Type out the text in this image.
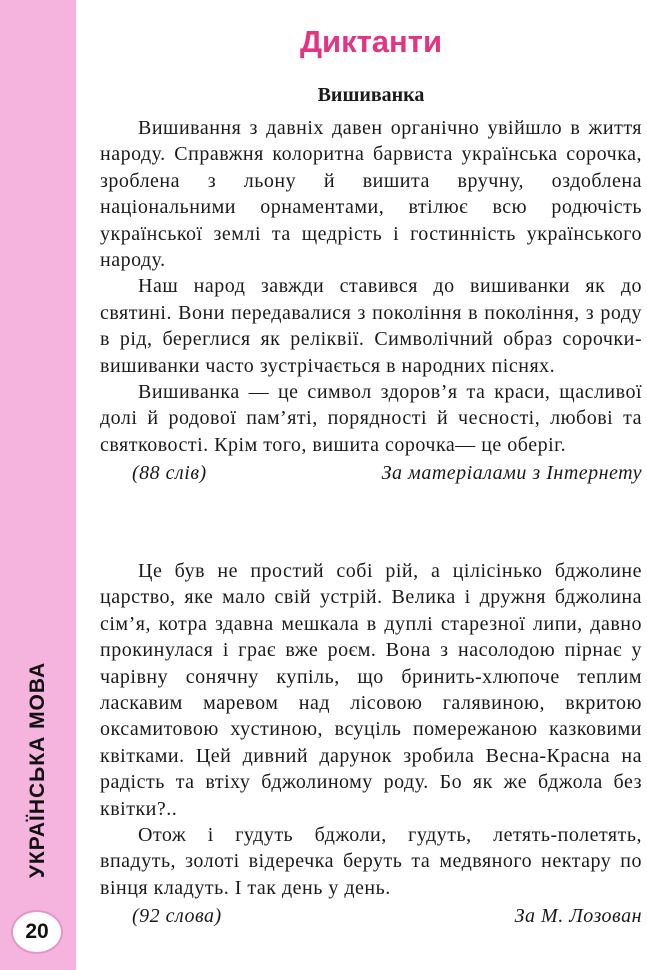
УКРАЇНСЬКА МОВА
20
Диктанти
Вишиванка

Вишивання з давніх давен органічно увійшло в життя народу. Справжня колоритна барвиста українська сорочка, зроблена з льону й вишита вручну, оздоблена національними орнаментами, втілює всю родючість української землі та щедрість і гостинність українського народу.

Наш народ завжди ставився до вишиванки як до святині. Вони передавалися з покоління в покоління, з роду в рід, береглися як реліквії. Символічний образ сорочки-вишиванки часто зустрічається в народних піснях.

Вишиванка — це символ здоров’я та краси, щасливої долі й родової пам’яті, порядності й чесності, любові та святковості. Крім того, вишита сорочка— це оберіг.

(88 слів)	За матеріалами з Інтернету

Це був не простий собі рій, а цілісінько бджолине царство, яке мало свій устрій. Велика і дружня бджолина сім’я, котра здавна мешкала в дуплі старезної липи, давно прокинулася і грає вже роєм. Вона з насолодою пірнає у чарівну сонячну купіль, що бринить-хлюпоче теплим ласкавим маревом над лісовою галявиною, вкритою оксамитовою хустиною, всуціль помережаною казковими квітками. Цей дивний дарунок зробила Весна-Красна на радість та втіху бджолиному роду. Бо як же бджола без квітки?..

Отож і гудуть бджоли, гудуть, летять-полетять, впадуть, золоті відеречка беруть та медвяного нектару по вінця кладуть. І так день у день.

(92 слова)	За М. Лозован
